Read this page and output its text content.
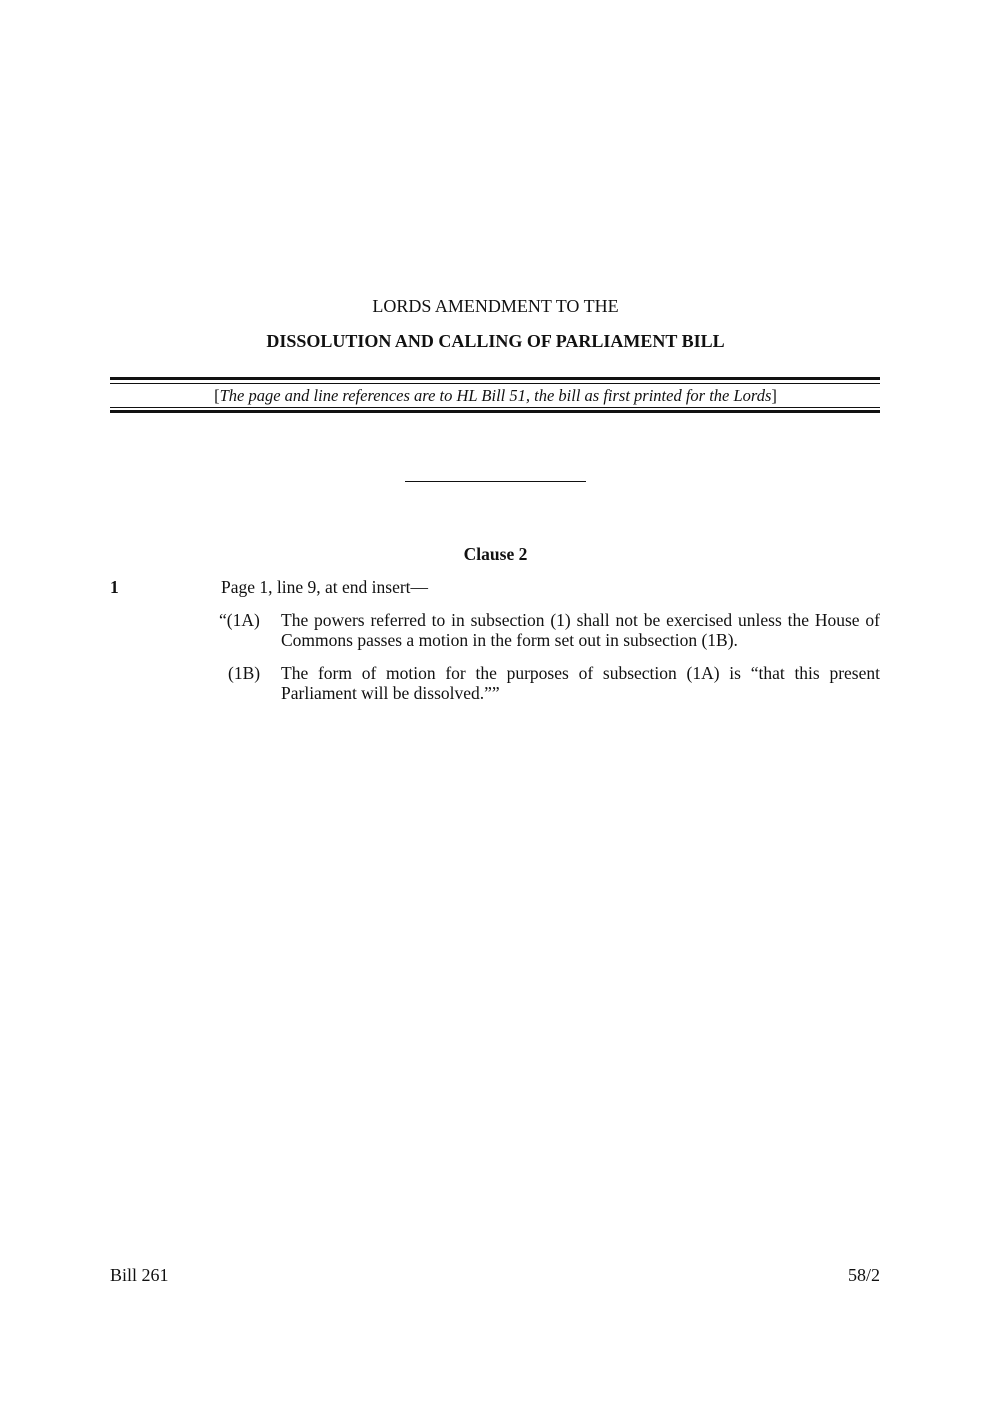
LORDS AMENDMENT TO THE
DISSOLUTION AND CALLING OF PARLIAMENT BILL
[The page and line references are to HL Bill 51, the bill as first printed for the Lords]
Clause 2
1	Page 1, line 9, at end insert—
“(1A) The powers referred to in subsection (1) shall not be exercised unless the House of Commons passes a motion in the form set out in subsection (1B).
(1B) The form of motion for the purposes of subsection (1A) is “that this present Parliament will be dissolved.””
Bill 261	58/2
